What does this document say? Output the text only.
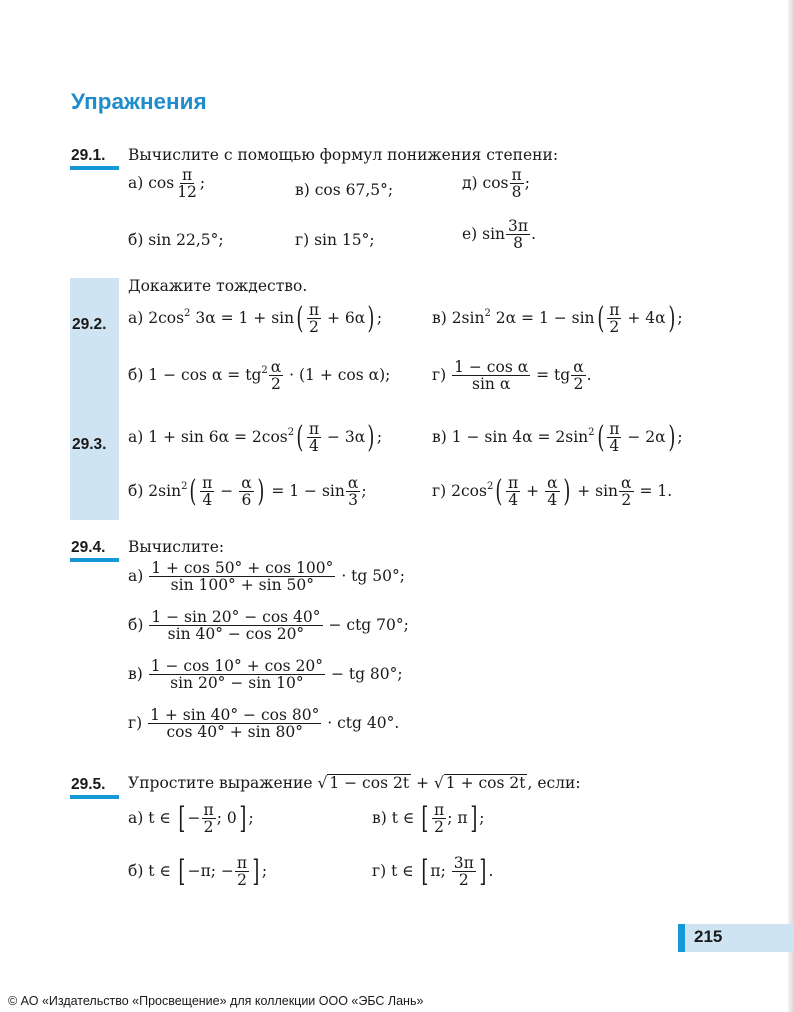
Упражнения
29.1. Вычислите с помощью формул понижения степени:
а) $\cos \frac{\pi}{12}$ ;	в) cos 67,5°;	д) $\cos \frac{\pi}{8}$ ;
б) sin 22,5°;	г) sin 15°;	е) $\sin \frac{3\pi}{8}$ .
Докажите тождество.
29.2. а) $2\cos^2$ $3\alpha = 1 + \sin( \frac{\pi}{2} + 6\alpha)$ ;	в) $2\sin^2$ $2\alpha = 1 - \sin( \frac{\pi}{2} + 4\alpha)$ ;
б) $1 - \cos \alpha = tg^2 \frac{\alpha}{2} \cdot (1 + \cos \alpha)$;	$г) \frac{\text{1 − cos α}}{\text{sin α}}$ = tg $\frac{\alpha}{2}$ .
29.3. а) $1 + \sin 6\alpha = 2\cos^2( \frac{\pi}{4} - 3\alpha)$ ;	в) $1 - \sin 4\alpha = 2\sin^2( \frac{\pi}{4} - 2\alpha)$ ;
б) $2\sin^2( \frac{\pi}{4} - \frac{\alpha}{6}$ ) = $1 - \sin \frac{\alpha}{3}$ ;	г) $2\cos^2( \frac{\pi}{4} + \frac{\alpha}{4}$ ) + $\sin \frac{\alpha}{2} = 1$.
29.4. Вычислите:
$а) \frac{1 + \cos 50^\circ + \cos 100^\circ}{\sin 100^\circ + \sin 50^\circ}$ · tg 50°;
$б) \frac{1 - \sin 20^\circ - \cos 40^\circ}{\sin 40^\circ - \cos 20^\circ}$ − ctg 70°;
$в) \frac{1 - \cos 10^\circ + \cos 20^\circ}{\sin 20^\circ - \sin 10^\circ}$ − tg 80°;
$г) \frac{1 + \sin 40^\circ - \cos 80^\circ}{\cos 40^\circ + \sin 80^\circ}$ · ctg 40°.
29.5. Упростите выражение √ 1 − cos 2t + √ 1 + cos 2t , если:
а) t ∈ [ − $\frac{\pi}{2}$ ; 0] ;	в) t ∈ [ $\frac{\pi}{2}$ ; π] ;
б) t ∈ [ −π; − $\frac{\pi}{2}$ ] ;	г) t ∈ [ π; $\frac{3\pi}{2}$ ] .
215
© АО «Издательство «Просвещение» для коллекции ООО «ЭБС Лань»
